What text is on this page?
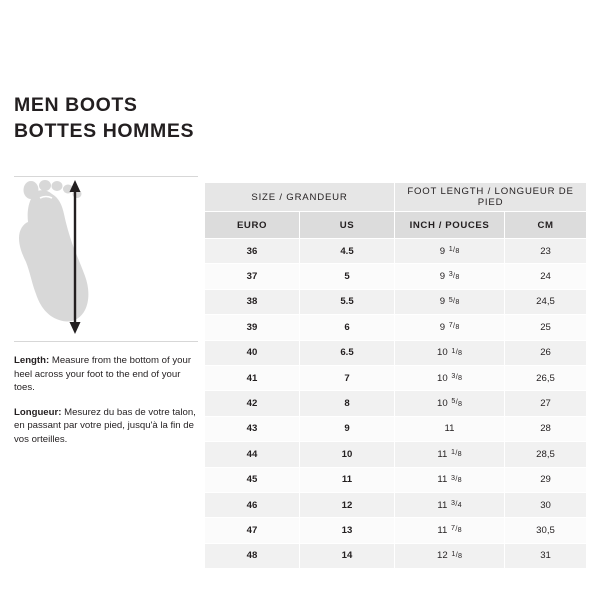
MEN BOOTS
BOTTES HOMMES
Length: Measure from the bottom of your heel across your foot to the end of your toes.
Longueur: Mesurez du bas de votre talon, en passant par votre pied, jusqu'à la fin de vos orteilles.
SIZE / GRANDEUR		FOOT LENGTH / LONGUEUR DE PIED	
EURO	US	INCH / POUCES	CM
36	4.5	9 1/8	23
37	5	9 3/8	24
38	5.5	9 5/8	24,5
39	6	9 7/8	25
40	6.5	10 1/8	26
41	7	10 3/8	26,5
42	8	10 5/8	27
43	9	11	28
44	10	11 1/8	28,5
45	11	11 3/8	29
46	12	11 3/4	30
47	13	11 7/8	30,5
48	14	12 1/8	31
